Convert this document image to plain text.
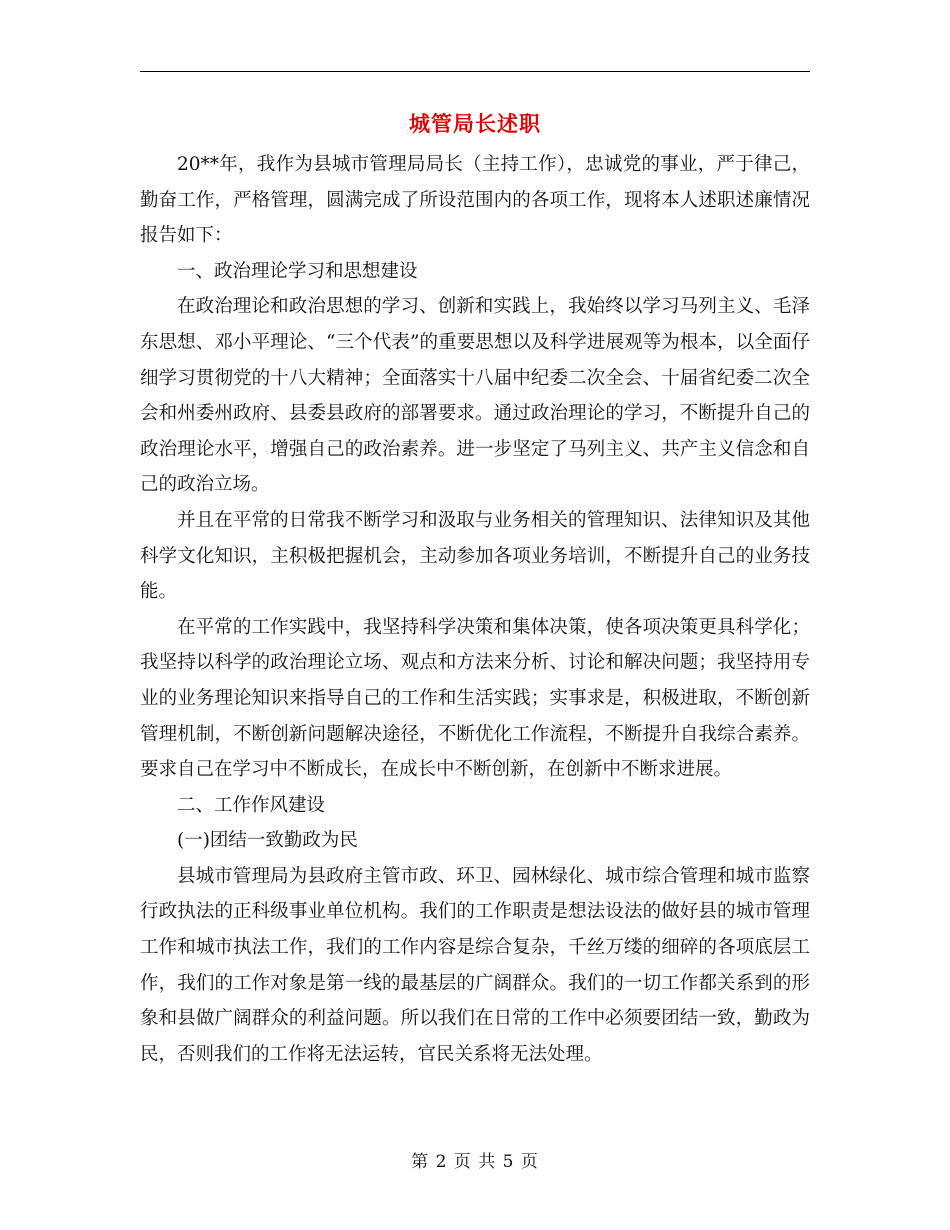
城管局长述职

20**年，我作为县城市管理局局长（主持工作），忠诚党的事业，严于律己，勤奋工作，严格管理，圆满完成了所设范围内的各项工作，现将本人述职述廉情况报告如下：

一、政治理论学习和思想建设

在政治理论和政治思想的学习、创新和实践上，我始终以学习马列主义、毛泽东思想、邓小平理论、“三个代表”的重要思想以及科学进展观等为根本，以全面仔细学习贯彻党的十八大精神；全面落实十八届中纪委二次全会、十届省纪委二次全会和州委州政府、县委县政府的部署要求。通过政治理论的学习，不断提升自己的政治理论水平，增强自己的政治素养。进一步坚定了马列主义、共产主义信念和自己的政治立场。

并且在平常的日常我不断学习和汲取与业务相关的管理知识、法律知识及其他科学文化知识，主积极把握机会，主动参加各项业务培训，不断提升自己的业务技能。

在平常的工作实践中，我坚持科学决策和集体决策，使各项决策更具科学化；我坚持以科学的政治理论立场、观点和方法来分析、讨论和解决问题；我坚持用专业的业务理论知识来指导自己的工作和生活实践；实事求是，积极进取，不断创新管理机制，不断创新问题解决途径，不断优化工作流程，不断提升自我综合素养。要求自己在学习中不断成长，在成长中不断创新，在创新中不断求进展。

二、工作作风建设

(一)团结一致勤政为民

县城市管理局为县政府主管市政、环卫、园林绿化、城市综合管理和城市监察行政执法的正科级事业单位机构。我们的工作职责是想法设法的做好县的城市管理工作和城市执法工作，我们的工作内容是综合复杂，千丝万缕的细碎的各项底层工作，我们的工作对象是第一线的最基层的广阔群众。我们的一切工作都关系到的形象和县做广阔群众的利益问题。所以我们在日常的工作中必须要团结一致，勤政为民，否则我们的工作将无法运转，官民关系将无法处理。

第 2 页 共 5 页
